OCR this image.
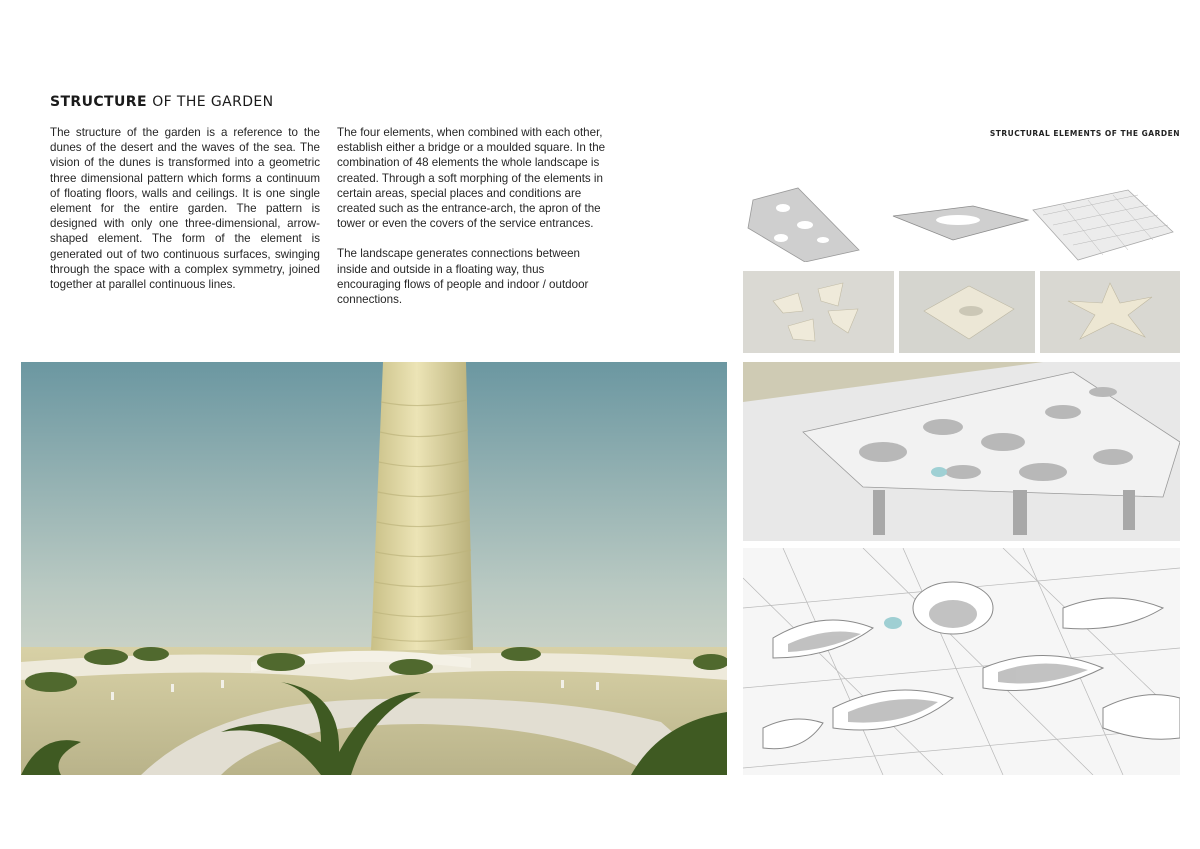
STRUCTURE OF THE GARDEN

The structure of the garden is a reference to the dunes of the desert and the waves of the sea. The vision of the dunes is transformed into a geometric three dimensional pattern which forms a continuum of floating floors, walls and ceilings. It is one single element for the entire garden. The pattern is designed with only one three-dimensional, arrow-shaped element. The form of the element is generated out of two continuous surfaces, swinging through the space with a complex symmetry, joined together at parallel continuous lines.

The four elements, when combined with each other, establish either a bridge or a moulded square. In the combination of 48 elements the whole landscape is created. Through a soft morphing of the elements in certain areas, special places and conditions are created such as the entrance-arch, the apron of the tower or even the covers of the service entrances.

The landscape generates connections between inside and outside in a floating way, thus encouraging flows of people and indoor / outdoor connections.

STRUCTURAL ELEMENTS OF THE GARDEN
